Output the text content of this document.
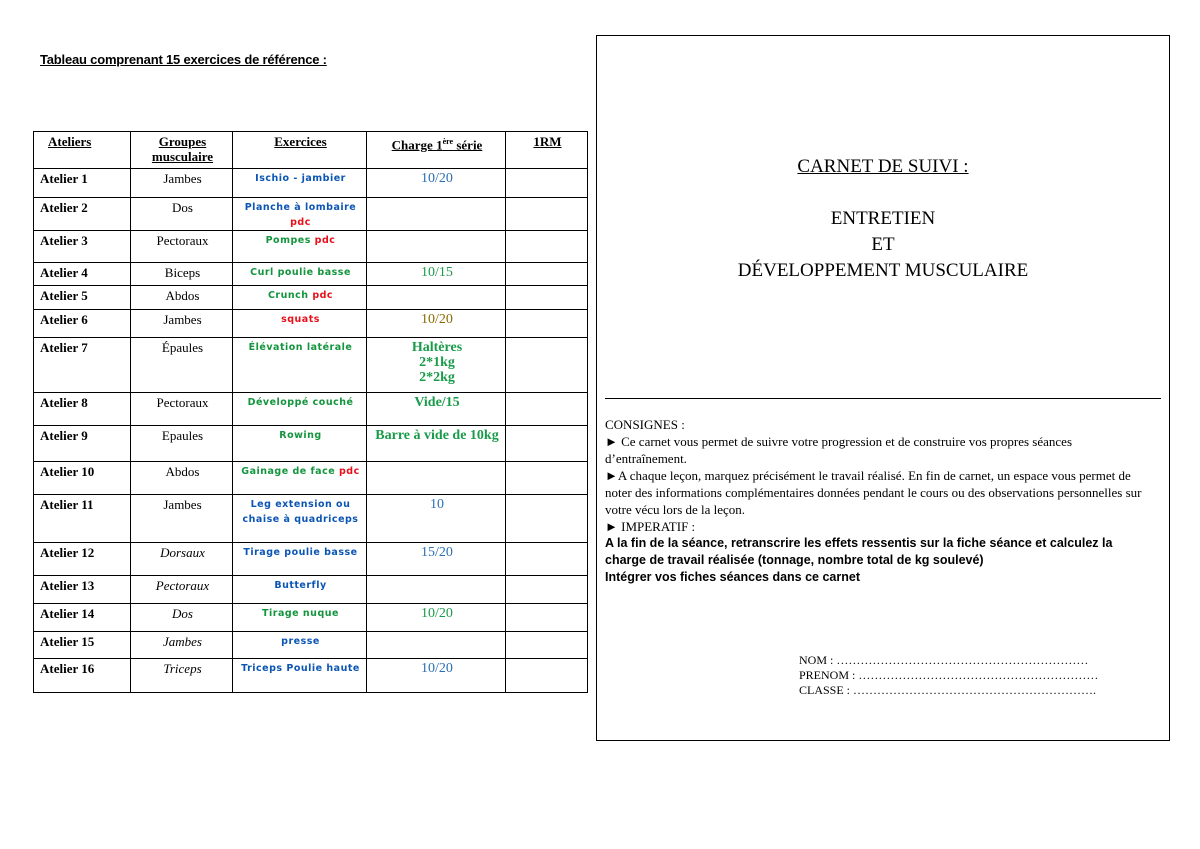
Tableau comprenant 15 exercices de référence :
Ateliers	Groupes musculaire	Exercices	Charge 1ère série	1RM
Atelier 1	Jambes	Ischio - jambier	10/20	

Atelier 2	Dos	Planche à lombaire pdc	

Atelier 3	Pectoraux	Pompes pdc	

Atelier 4	Biceps	Curl poulie basse	10/15	

Atelier 5	Abdos	Crunch pdc	

Atelier 6	Jambes	squats	10/20	

Atelier 7	Épaules	Élévation latérale	Haltères
2*1kg
2*2kg	

Atelier 8	Pectoraux	Développé couché	Vide/15	

Atelier 9	Epaules	Rowing	Barre à vide de 10kg	

Atelier 10	Abdos	Gainage de face pdc	

Atelier 11	Jambes	Leg extension ou chaise à quadriceps	10	

Atelier 12	Dorsaux	Tirage poulie basse	15/20	

Atelier 13	Pectoraux	Butterfly	

Atelier 14	Dos	Tirage nuque	10/20	

Atelier 15	Jambes	presse	

Atelier 16	Triceps	Triceps Poulie haute	10/20	

CARNET DE SUIVI :
ENTRETIEN
ET
DÉVELOPPEMENT MUSCULAIRE

CONSIGNES :

► Ce carnet vous permet de suivre votre progression et de construire vos propres séances d’entraînement.

►A chaque leçon, marquez précisément le travail réalisé. En fin de carnet, un espace vous permet de noter des informations complémentaires données pendant le cours ou des observations personnelles sur votre vécu lors de la leçon.

► IMPERATIF :

A la fin de la séance, retranscrire les effets ressentis sur la fiche séance et calculez la charge de travail réalisée (tonnage, nombre total de kg soulevé)

Intégrer vos fiches séances dans ce carnet

NOM : ………………………………………………………
PRENOM : ……………………………………………………
CLASSE : …………………………………………………….
